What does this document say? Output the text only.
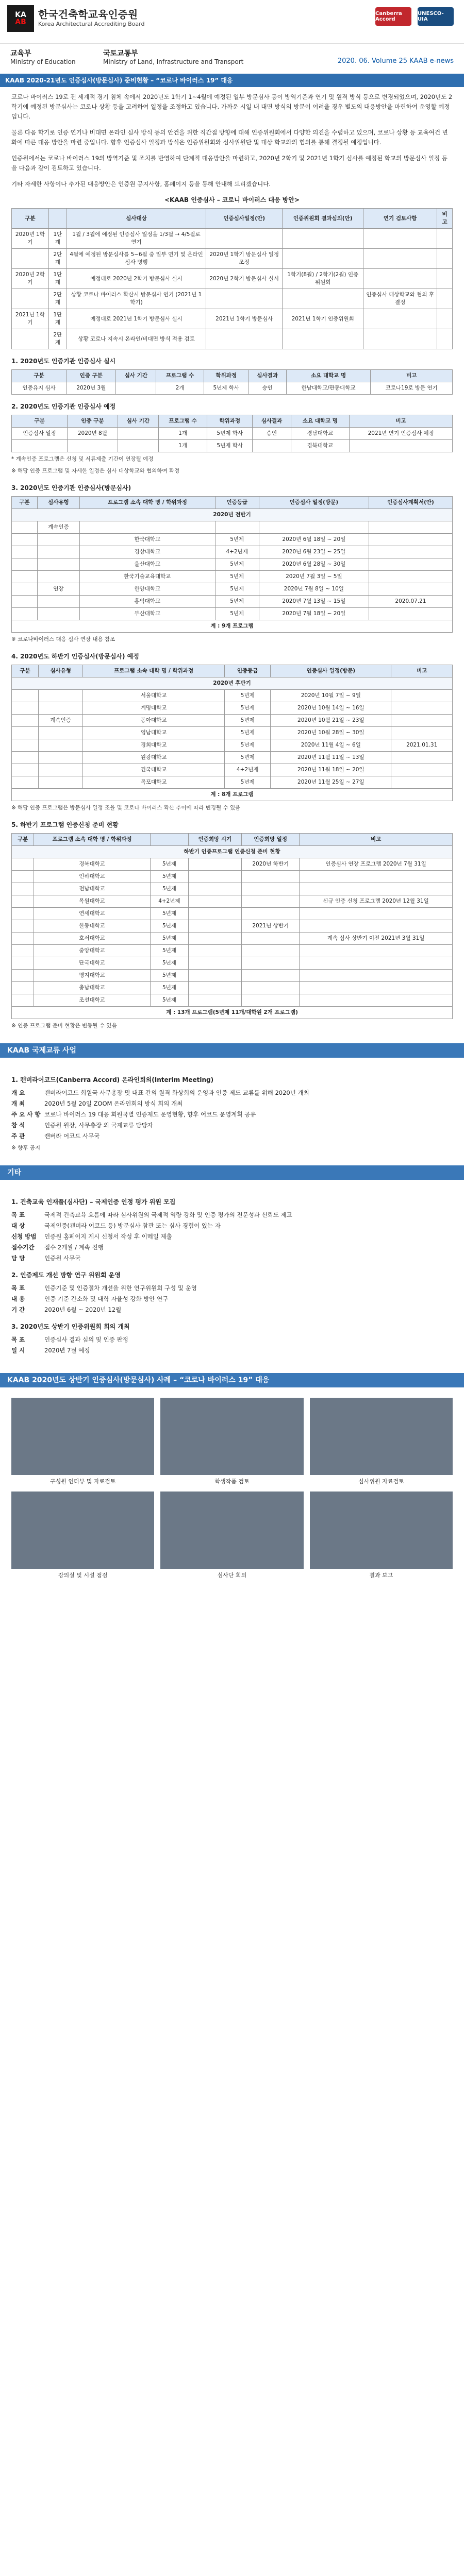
KA
AB
한국건축학교육인증원
Korea Architectural Accrediting Board
Canberra Accord
UNESCO-UIA
교육부
Ministry of Education
국토교통부
Ministry of Land, Infrastructure and Transport	2020. 06. Volume 25 KAAB e-news
KAAB 2020-21년도 인증심사(방문심사) 준비현황 – “코로나 바이러스 19” 대응

코로나 바이러스 19로 전 세계적 경기 침체 속에서 2020년도 1학기 1~4월에 예정된 일부 방문심사 등이 방역기준과 연기 및 원격 방식 등으로 변경되었으며, 2020년도 2학기에 예정된 방문심사는 코로나 상황 등을 고려하여 일정을 조정하고 있습니다. 가까운 시일 내 대면 방식의 방문이 어려울 경우 별도의 대응방안을 마련하여 운영할 예정입니다.

물론 다음 학기로 인증 연기나 비대면 온라인 심사 방식 등의 안건을 위한 직간접 방향에 대해 인증위원회에서 다양한 의견을 수렴하고 있으며, 코로나 상황 등 교육여건 변화에 따른 대응 방안을 마련 중입니다. 향후 인증심사 일정과 방식은 인증위원회와 심사위원단 및 대상 학교와의 협의를 통해 결정될 예정입니다.

인증원에서는 코로나 바이러스 19의 방역기준 및 조치를 반영하여 단계적 대응방안을 마련하고, 2020년 2학기 및 2021년 1학기 심사를 예정된 학교의 방문심사 일정 등을 다음과 같이 검토하고 있습니다.

기타 자세한 사항이나 추가된 대응방안은 인증원 공지사항, 홈페이지 등을 통해 안내해 드리겠습니다.

<KAAB 인증심사 – 코로니 바이러스 대응 방안>
구분		심사대상	인증심사일정(안)	인증위원회 결과심의(안)	연기 검토사항	비고
2020년 1학기	1단계	1월 / 3월에 예정된 인증심사 일정을 1/3월 → 4/5월로 연기				
	2단계	4월에 예정된 방문심사를 5~6월 중 일부 연기 및 온라인심사 병행	2020년 1학기 방문심사 일정 조정			
2020년 2학기	1단계	예정대로 2020년 2학기 방문심사 실시	2020년 2학기 방문심사 실시	1학기(8월) / 2학기(2월) 인증위원회		
	2단계	상황 코로나 바이러스 확산시 방문심사 연기 (2021년 1학기)			인증심사 대상학교와 협의 후 결정	
2021년 1학기	1단계	예정대로 2021년 1학기 방문심사 실시	2021년 1학기 방문심사	2021년 1학기 인증위원회		
	2단계	상황 코로나 지속시 온라인/비대면 방식 적용 검토				
1. 2020년도 인증기관 인증심사 실시
구분	인증 구분	심사 기간	프로그램 수	학위과정	심사결과	소요 대학교 명	비고
인증유지 심사	2020년 3월		2개	5년제 학사	승인	한남대학교/관동대학교	코로나19로 방문 연기
2. 2020년도 인증기관 인증심사 예정
구분	인증 구분	심사 기간	프로그램 수	학위과정	심사결과	소요 대학교 명	비고
인증심사 일정	2020년 8월		1개	5년제 학사	승인	경남대학교	2021년 연기 인증심사 예정
			1개	5년제 학사		경북대학교	
* 계속인증 프로그램은 신청 및 서류제출 기간이 연장될 예정
※ 해당 인증 프로그램 및 자세한 일정은 심사 대상학교와 협의하여 확정
3. 2020년도 인증기관 인증심사(방문심사)
구분	심사유형	프로그램 소속 대학 명 / 학위과정	인증등급	인증심사 일정(방문)	인증심사계획서(안)
2020년 전반기					
	계속인증				
		한국대학교	5년제	2020년 6월 18일 ~ 20일	
		경상대학교	4+2년제	2020년 6월 23일 ~ 25일	
		울산대학교	5년제	2020년 6월 28일 ~ 30일	
		한국기술교육대학교	5년제	2020년 7월 3일 ~ 5일	
	연장	한양대학교	5년제	2020년 7월 8일 ~ 10일	
		홍익대학교	5년제	2020년 7월 13일 ~ 15일	2020.07.21
		부산대학교	5년제	2020년 7월 18일 ~ 20일	
계 : 9개 프로그램					
※ 코로나바이러스 대응 심사 연장 내용 참조
4. 2020년도 하반기 인증심사(방문심사) 예정
구분	심사유형	프로그램 소속 대학 명 / 학위과정	인증등급	인증심사 일정(방문)	비고
2020년 후반기					
		서울대학교	5년제	2020년 10월 7일 ~ 9일	
		계명대학교	5년제	2020년 10월 14일 ~ 16일	
	계속인증	동아대학교	5년제	2020년 10월 21일 ~ 23일	
		영남대학교	5년제	2020년 10월 28일 ~ 30일	
		경희대학교	5년제	2020년 11월 4일 ~ 6일	2021.01.31
		원광대학교	5년제	2020년 11월 11일 ~ 13일	
		건국대학교	4+2년제	2020년 11월 18일 ~ 20일	
		목포대학교	5년제	2020년 11월 25일 ~ 27일	
계 : 8개 프로그램					
※ 해당 인증 프로그램은 방문심사 일정 조율 및 코로나 바이러스 확산 추이에 따라 변경될 수 있음
5. 하반기 프로그램 인증신청 준비 현황
구분	프로그램 소속 대학 명 / 학위과정		인증희망 시기	인증희망 일정	비고
하반기 인증프로그램 인증신청 준비 현황					
	경북대학교	5년제		2020년 하반기	인증심사 연장 프로그램 2020년 7월 31일
	인하대학교	5년제			
	전남대학교	5년제			
	목원대학교	4+2년제			신규 인증 신청 프로그램 2020년 12월 31일
	연세대학교	5년제			
	한동대학교	5년제		2021년 상반기	
	호서대학교	5년제			계속 심사 상반기 이전 2021년 3월 31일
	중앙대학교	5년제			
	단국대학교	5년제			
	명지대학교	5년제			
	충남대학교	5년제			
	조선대학교	5년제			
계 : 13개 프로그램(5년제 11개/대학원 2개 프로그램)					
※ 인증 프로그램 준비 현황은 변동될 수 있음
KAAB 국제교류 사업
1. 캔버라어코드(Canberra Accord) 온라인회의(Interim Meeting)
개 요	캔버라어코드 회원국 사무총장 및 대표 간의 원격 화상회의 운영과 인증 제도 교류를 위해 2020년 개최
개 최	2020년 5월 20일 ZOOM 온라인회의 방식 회의 개최
주 요 사 항 코로나 바이러스 19 대응 회원국별 인증제도 운영현황, 향후 어코드 운영계획 공유
참 석	인증원 원장, 사무총장 외 국제교류 담당자
주 관	캔버라 어코드 사무국
※ 향후 공지
기타
1. 건축교육 인재풀(심사단) – 국제인증 인정 평가 위원 모집
목 표	국제적 건축교육 흐름에 따라 심사위원의 국제적 역량 강화 및 인증 평가의 전문성과 신뢰도 제고
대 상	국제인증(캔버라 어코드 등) 방문심사 참관 또는 심사 경험이 있는 자
신청 방법	인증원 홈페이지 게시 신청서 작성 후 이메일 제출
접수기간	접수 2개월 / 계속 진행
담 당	인증원 사무국
2. 인증제도 개선 방향 연구 위원회 운영
목 표	인증기준 및 인증절차 개선을 위한 연구위원회 구성 및 운영
내 용	인증 기준 간소화 및 대학 자율성 강화 방안 연구
기 간	2020년 6월 ~ 2020년 12월
3. 2020년도 상반기 인증위원회 회의 개최
목 표	인증심사 결과 심의 및 인증 판정
일 시	2020년 7월 예정
KAAB 2020년도 상반기 인증심사(방문심사) 사례 – “코로나 바이러스 19” 대응
구성원 인터뷰 및 자료검토	학생작품 검토	심사위원 자료검토
강의실 및 시설 점검	심사단 회의	결과 보고
